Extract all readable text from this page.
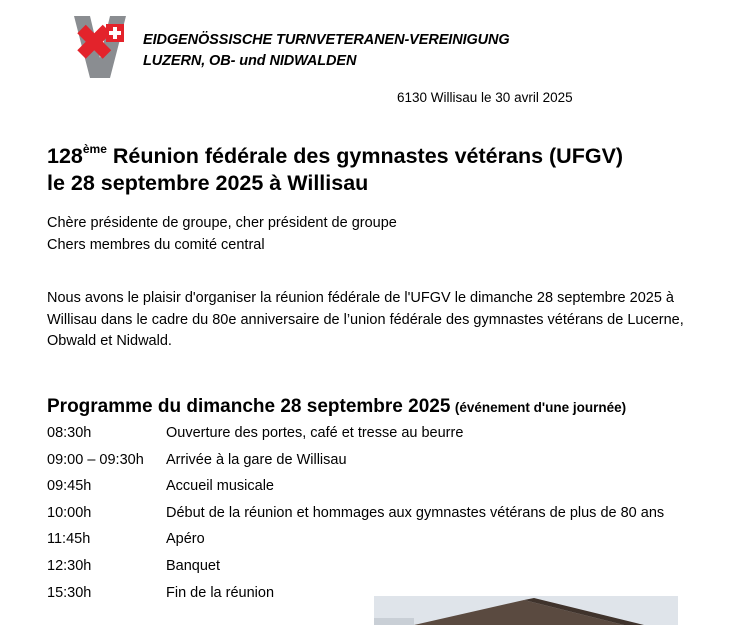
EIDGENÖSSISCHE TURNVETERANEN-VEREINIGUNG
LUZERN, OB- und NIDWALDEN
6130 Willisau le 30 avril 2025
128ème Réunion fédérale des gymnastes vétérans (UFGV)
le 28 septembre 2025 à Willisau
Chère présidente de groupe, cher président de groupe
Chers membres du comité central
Nous avons le plaisir d'organiser la réunion fédérale de l'UFGV le dimanche 28 septembre 2025 à Willisau dans le cadre du 80e anniversaire de l’union fédérale des gymnastes vétérans de Lucerne, Obwald et Nidwald.
Programme du dimanche 28 septembre 2025 (événement d'une journée)
08:30h	Ouverture des portes, café et tresse au beurre
09:00 – 09:30h Arrivée à la gare de Willisau
09:45h	Accueil musicale
10:00h	Début de la réunion et hommages aux gymnastes vétérans de plus de 80 ans
11:45h	Apéro
12:30h	Banquet
15:30h	Fin de la réunion
